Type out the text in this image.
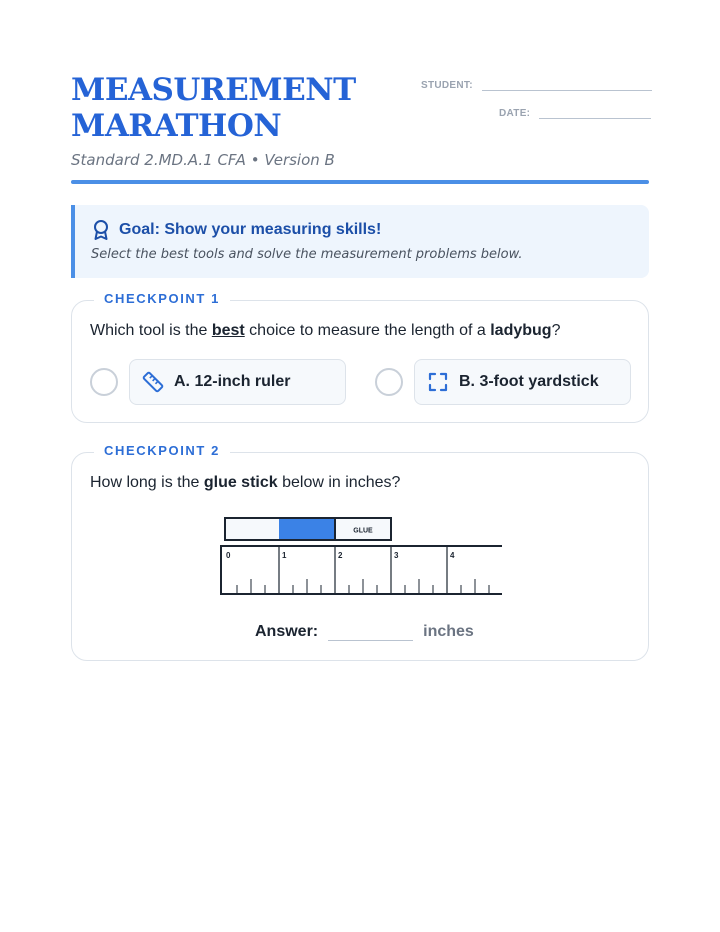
MEASUREMENT MARATHON
Standard 2.MD.A.1 CFA • Version B
STUDENT:
DATE:
Goal: Show your measuring skills!
Select the best tools and solve the measurement problems below.
CHECKPOINT 1
Which tool is the best choice to measure the length of a ladybug?
A. 12-inch ruler	B. 3-foot yardstick
CHECKPOINT 2
How long is the glue stick below in inches?
GLUE
0	1	2	3	4
Answer:	inches
